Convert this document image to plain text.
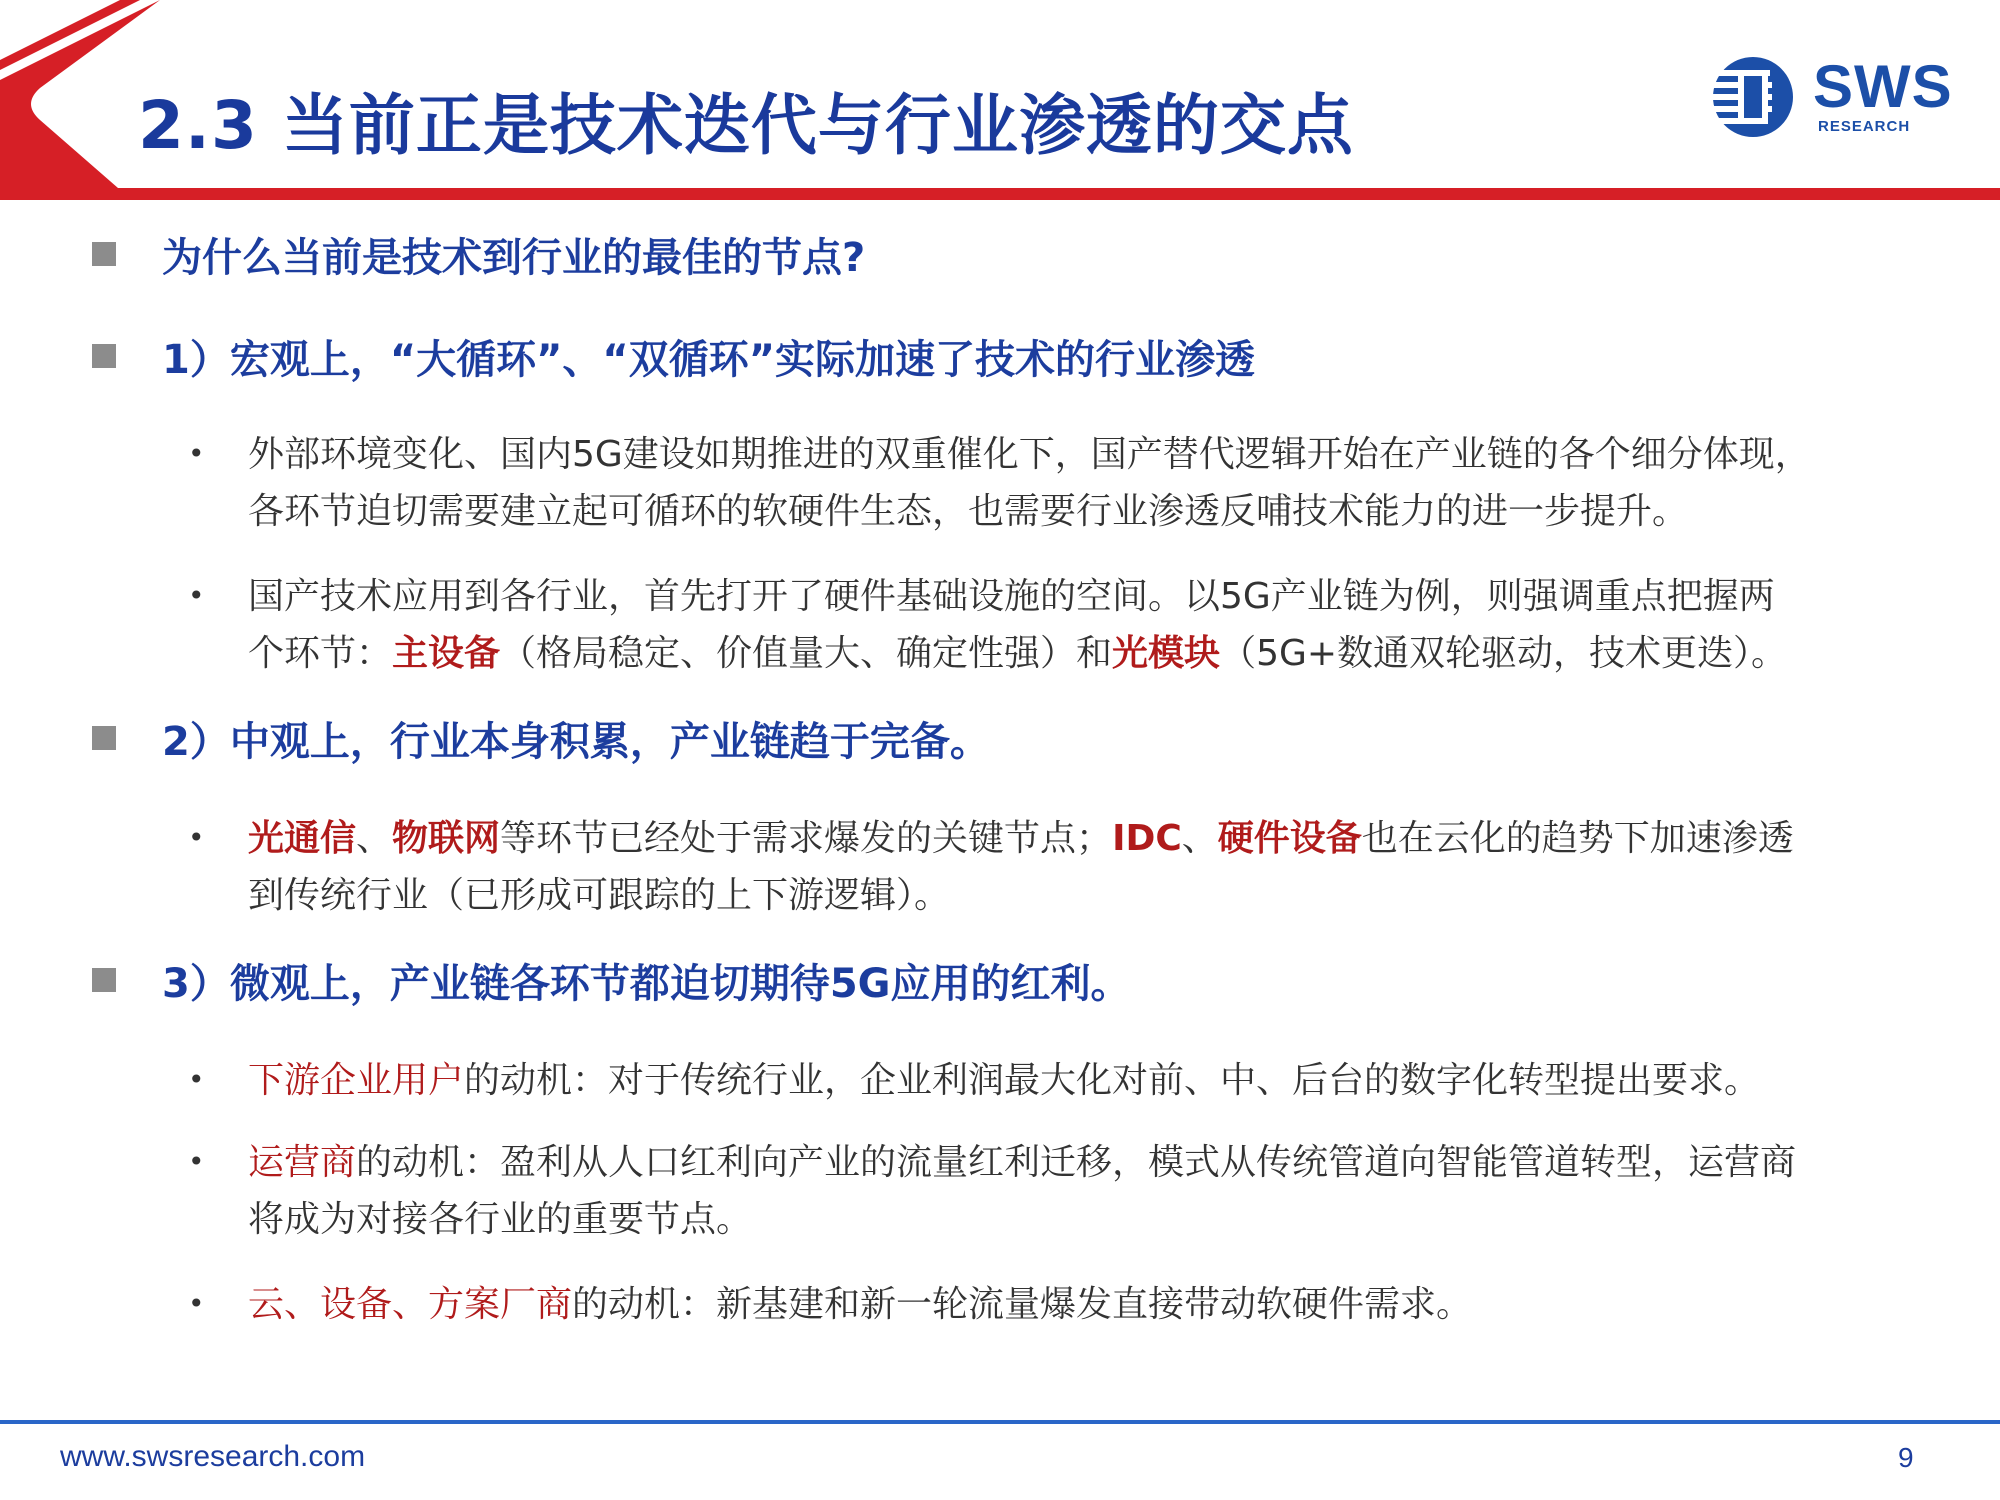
2.3 当前正是技术迭代与行业渗透的交点
SWS
RESEARCH
为什么当前是技术到行业的最佳的节点?
1）宏观上，“大循环”、“双循环”实际加速了技术的行业渗透
• 外部环境变化、国内5G建设如期推进的双重催化下，国产替代逻辑开始在产业链的各个细分体现，
各环节迫切需要建立起可循环的软硬件生态，也需要行业渗透反哺技术能力的进一步提升。
• 国产技术应用到各行业，首先打开了硬件基础设施的空间。以5G产业链为例，则强调重点把握两
个环节：主设备（格局稳定、价值量大、确定性强）和光模块（5G+数通双轮驱动，技术更迭）。
2）中观上，行业本身积累，产业链趋于完备。
• 光通信、物联网等环节已经处于需求爆发的关键节点；IDC、硬件设备也在云化的趋势下加速渗透
到传统行业（已形成可跟踪的上下游逻辑）。
3）微观上，产业链各环节都迫切期待5G应用的红利。
• 下游企业用户的动机：对于传统行业，企业利润最大化对前、中、后台的数字化转型提出要求。
• 运营商的动机：盈利从人口红利向产业的流量红利迁移，模式从传统管道向智能管道转型，运营商
将成为对接各行业的重要节点。
• 云、设备、方案厂商的动机：新基建和新一轮流量爆发直接带动软硬件需求。
www.swsresearch.com	9
